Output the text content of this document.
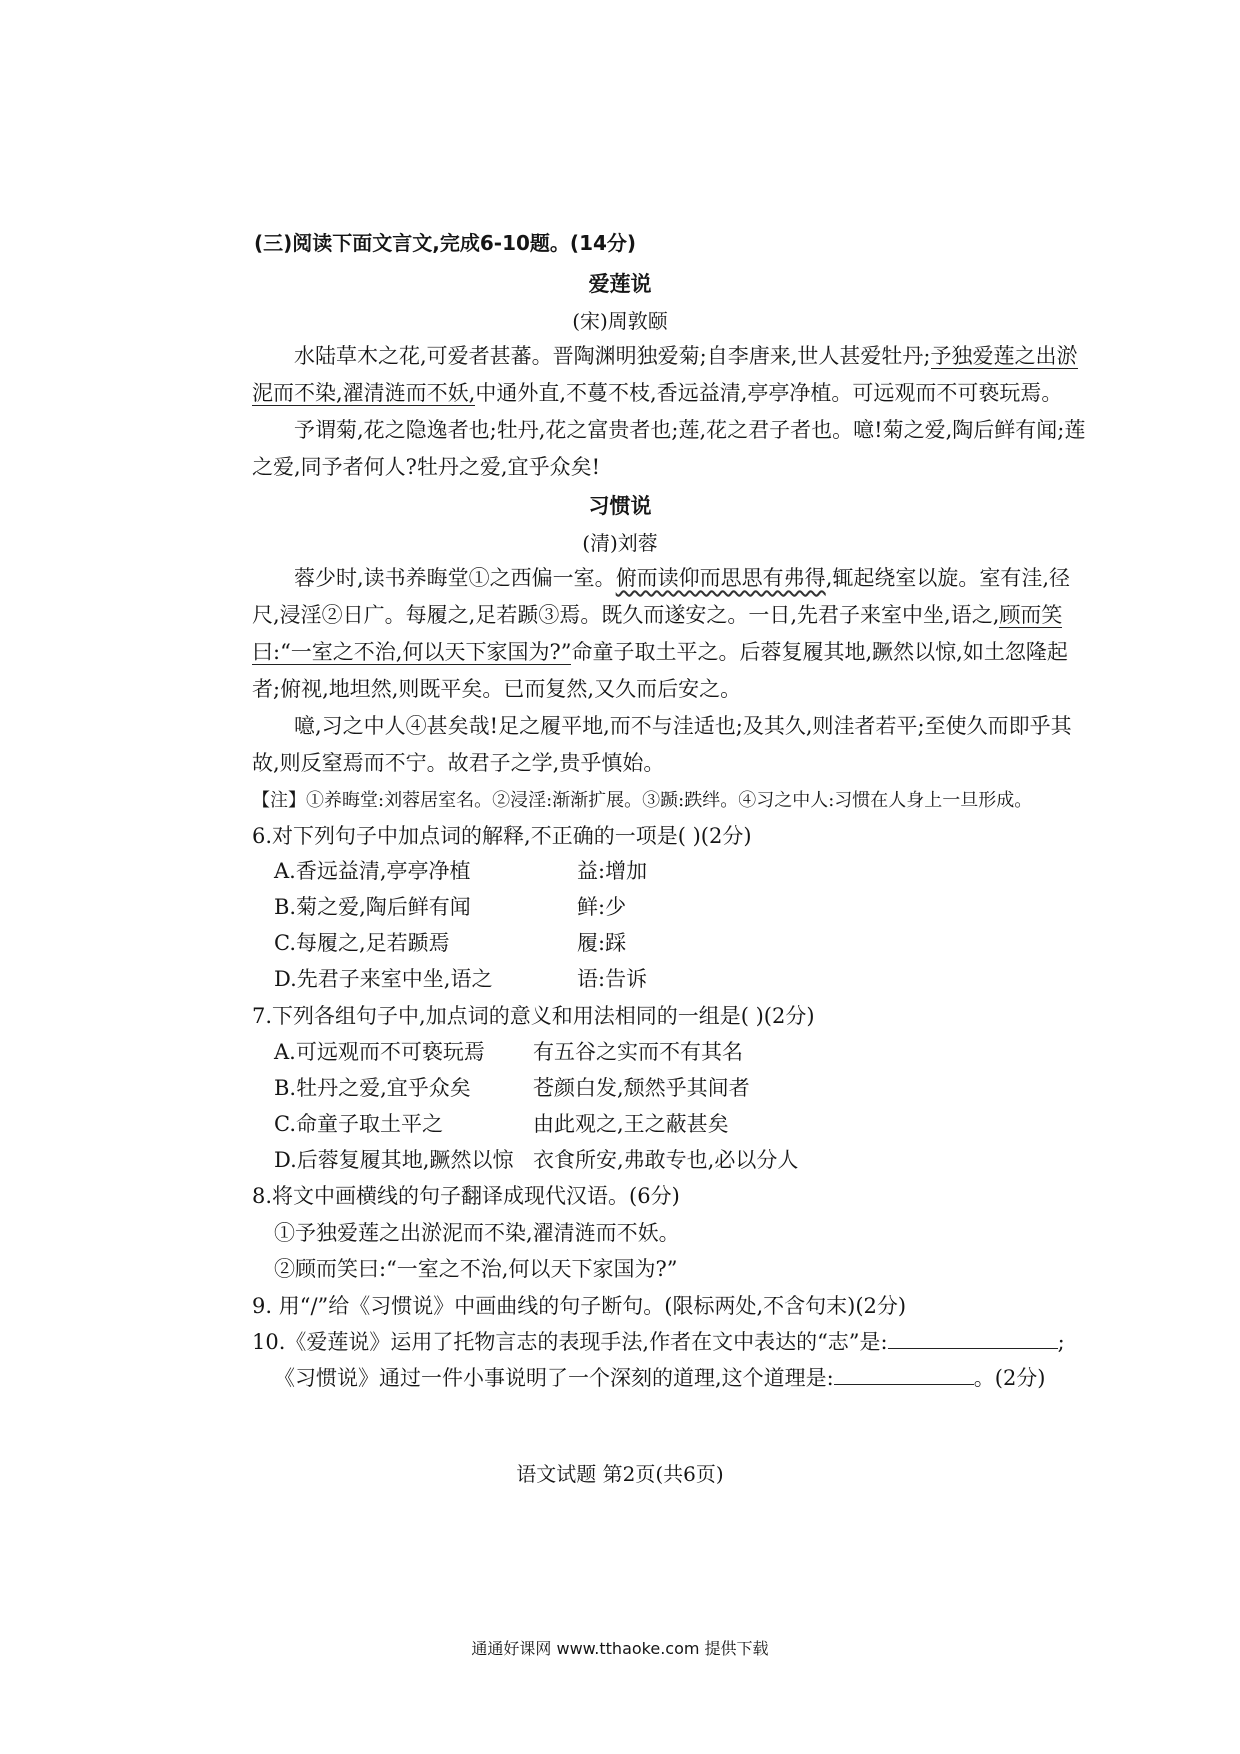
(三)阅读下面文言文,完成6-10题。(14分)
爱莲说
(宋)周敦颐
水陆草木之花,可爱者甚蕃。晋陶渊明独爱菊;自李唐来,世人甚爱牡丹;予独爱莲之出淤泥而不染,濯清涟而不妖,中通外直,不蔓不枝,香远益清,亭亭净植。可远观而不可亵玩焉。
予谓菊,花之隐逸者也;牡丹,花之富贵者也;莲,花之君子者也。噫!菊之爱,陶后鲜有闻;莲之爱,同予者何人?牡丹之爱,宜乎众矣!
习惯说
(清)刘蓉
蓉少时,读书养晦堂①之西偏一室。俯而读仰而思思有弗得,辄起绕室以旋。室有洼,径尺,浸淫②日广。每履之,足若踬③焉。既久而遂安之。一日,先君子来室中坐,语之,顾而笑曰:“一室之不治,何以天下家国为?”命童子取土平之。后蓉复履其地,蹶然以惊,如土忽隆起者;俯视,地坦然,则既平矣。已而复然,又久而后安之。
噫,习之中人④甚矣哉!足之履平地,而不与洼适也;及其久,则洼者若平;至使久而即乎其故,则反窒焉而不宁。故君子之学,贵乎慎始。
【注】①养晦堂:刘蓉居室名。②浸淫:渐渐扩展。③踬:跌绊。④习之中人:习惯在人身上一旦形成。
6.对下列句子中加点词的解释,不正确的一项是( )(2分)
A.香远益清,亭亭净植	益:增加
B.菊之爱,陶后鲜有闻	鲜:少
C.每履之,足若踬焉	履:踩
D.先君子来室中坐,语之	语:告诉
7.下列各组句子中,加点词的意义和用法相同的一组是( )(2分)
A.可远观而不可亵玩焉 有五谷之实而不有其名
B.牡丹之爱,宜乎众矣	苍颜白发,颓然乎其间者
C.命童子取土平之	由此观之,王之蔽甚矣
D.后蓉复履其地,蹶然以惊 衣食所安,弗敢专也,必以分人
8.将文中画横线的句子翻译成现代汉语。(6分)
①予独爱莲之出淤泥而不染,濯清涟而不妖。
②顾而笑曰:“一室之不治,何以天下家国为?”
9. 用“/”给《习惯说》中画曲线的句子断句。(限标两处,不含句末)(2分)
10.《爱莲说》运用了托物言志的表现手法,作者在文中表达的“志”是:	;
《习惯说》通过一件小事说明了一个深刻的道理,这个道理是:	。(2分)
语文试题 第2页(共6页)
通通好课网 www.tthaoke.com 提供下载
